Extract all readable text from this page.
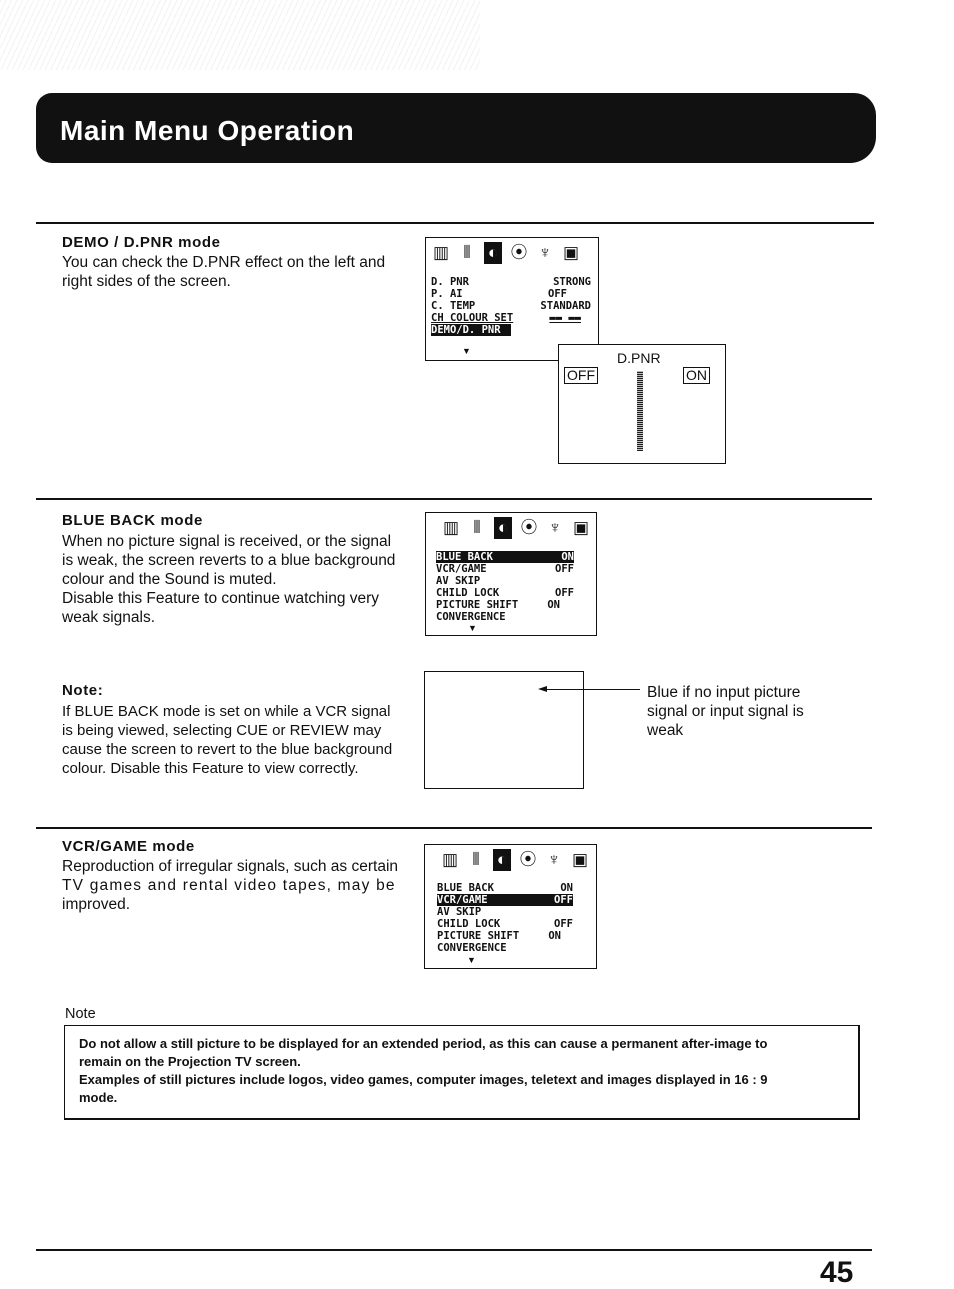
Main Menu Operation
DEMO / D.PNR mode
You can check the D.PNR effect on the left and
right sides of the screen.
▥ ⦀	◐ ⦿ ♆ ▣
D. PNR	STRONG
P. AI	OFF
C. TEMP	STANDARD
CH COLOUR SET	▬▬ ▬▬
DEMO/D. PNR
▼	D.PNR
OFF	ON
BLUE BACK mode
When no picture signal is received, or the signal
is weak, the screen reverts to a blue background
colour and the Sound is muted.
Disable this Feature to continue watching very
weak signals.
▥ ⦀	◐ ⦿ ♆ ▣
BLUE BACK	ON
VCR/GAME	OFF
AV SKIP
CHILD LOCK	OFF
PICTURE SHIFT	ON
CONVERGENCE
▼
Note:
If BLUE BACK mode is set on while a VCR signal
is being viewed, selecting CUE or REVIEW may
cause the screen to revert to the blue background
colour. Disable this Feature to view correctly.
Blue if no input picture
signal or input signal is
weak
VCR/GAME mode
Reproduction of irregular signals, such as certain
TV games and rental video tapes, may be
improved.
▥ ⦀	◐ ⦿ ♆ ▣
BLUE BACK	ON
VCR/GAME	OFF
AV SKIP
CHILD LOCK	OFF
PICTURE SHIFT	ON
CONVERGENCE
▼
Note
Do not allow a still picture to be displayed for an extended period, as this can cause a permanent after-image to
remain on the Projection TV screen.
Examples of still pictures include logos, video games, computer images, teletext and images displayed in 16 : 9
mode.
45
